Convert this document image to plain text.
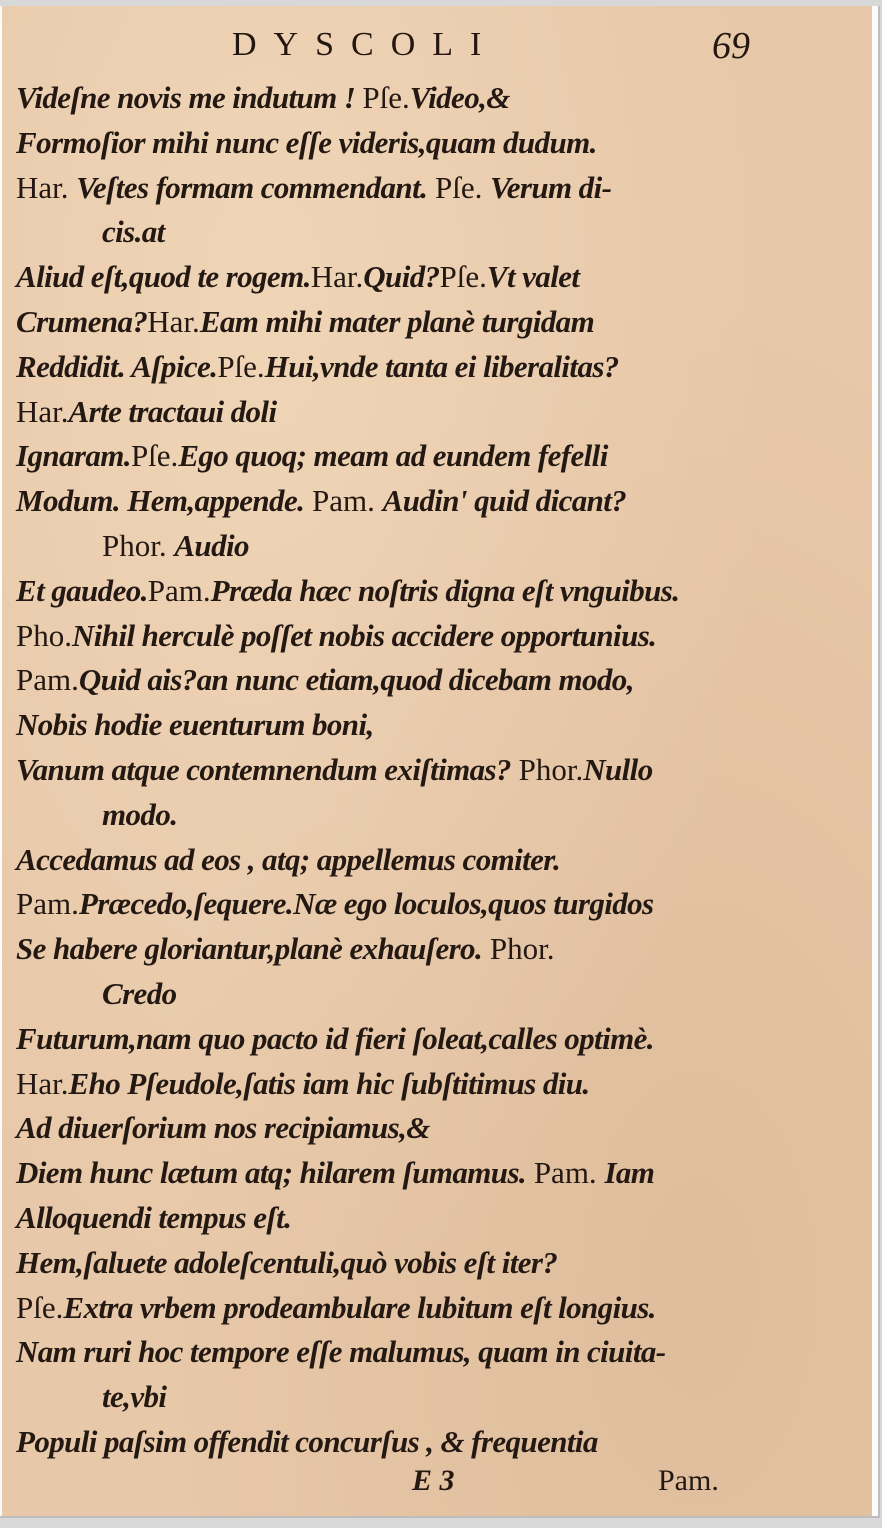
DYSCOLI	69
Videſne novis me indutum ! Pſe.Video,&
Formoſior mihi nunc eſſe videris,quam dudum.
Har. Veſtes formam commendant. Pſe. Verum di-
cis.at
Aliud eſt,quod te rogem.Har.Quid?Pſe.Vt valet
Crumena?Har.Eam mihi mater planè turgidam
Reddidit. Aſpice.Pſe.Hui,vnde tanta ei liberalitas?
Har.Arte tractaui doli
Ignaram.Pſe.Ego quoq; meam ad eundem fefelli
Modum. Hem,appende. Pam. Audin' quid dicant?
Phor. Audio
Et gaudeo.Pam.Præda hæc noſtris digna eſt vnguibus.
Pho.Nihil herculè poſſet nobis accidere opportunius.
Pam.Quid ais?an nunc etiam,quod dicebam modo,
Nobis hodie euenturum boni,
Vanum atque contemnendum exiſtimas? Phor.Nullo
modo.
Accedamus ad eos , atq; appellemus comiter.
Pam.Præcedo,ſequere.Næ ego loculos,quos turgidos
Se habere gloriantur,planè exhauſero. Phor.
Credo
Futurum,nam quo pacto id fieri ſoleat,calles optimè.
Har.Eho Pſeudole,ſatis iam hic ſubſtitimus diu.
Ad diuerſorium nos recipiamus,&
Diem hunc lætum atq; hilarem ſumamus. Pam. Iam
Alloquendi tempus eſt.
Hem,ſaluete adoleſcentuli,quò vobis eſt iter?
Pſe.Extra vrbem prodeambulare lubitum eſt longius.
Nam ruri hoc tempore eſſe malumus, quam in ciuita-
te,vbi
Populi paſsim offendit concurſus , & frequentia
E 3	Pam.
